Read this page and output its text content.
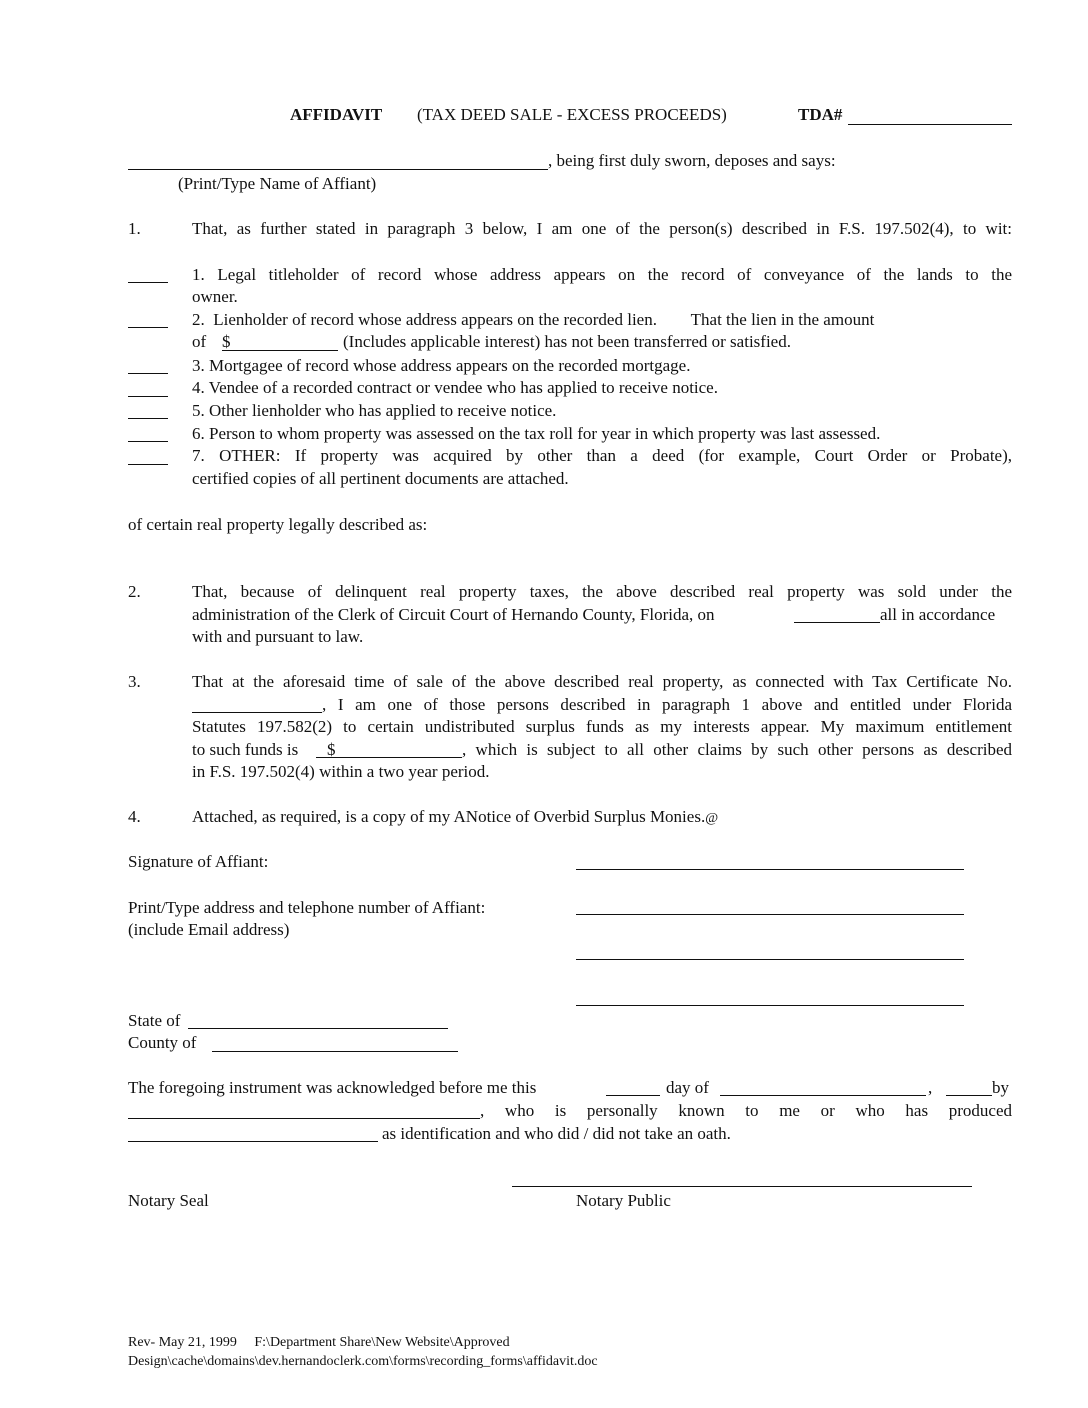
AFFIDAVIT (TAX DEED SALE - EXCESS PROCEEDS)	TDA#
, being first duly sworn, deposes and says:
(Print/Type Name of Affiant)
1.	That, as further stated in paragraph 3 below, I am one of the person(s) described in F.S. 197.502(4), to wit:
1. Legal titleholder of record whose address appears on the record of conveyance of the lands to the
owner.
2.  Lienholder of record whose address appears on the recorded lien.        That the lien in the amount
of $	(Includes applicable interest) has not been transferred or satisfied.
3. Mortgagee of record whose address appears on the recorded mortgage.
4. Vendee of a recorded contract or vendee who has applied to receive notice.
5. Other lienholder who has applied to receive notice.
6. Person to whom property was assessed on the tax roll for year in which property was last assessed.
7. OTHER: If property was acquired by other than a deed (for example, Court Order or Probate),
certified copies of all pertinent documents are attached.
of certain real property legally described as:
2.	That, because of delinquent real property taxes, the above described real property was sold under the
administration of the Clerk of Circuit Court of Hernando County, Florida, on	all in accordance
with and pursuant to law.
3.	That at the aforesaid time of sale of the above described real property, as connected with Tax Certificate No.
, I am one of those persons described in paragraph 1 above and entitled under Florida
Statutes 197.582(2) to certain undistributed surplus funds as my interests appear. My maximum entitlement
to such funds is $	, which is subject to all other claims by such other persons as described
in F.S. 197.502(4) within a two year period.
4.	Attached, as required, is a copy of my ANotice of Overbid Surplus Monies.@
Signature of Affiant:
Print/Type address and telephone number of Affiant:
(include Email address)
State of
County of
The foregoing instrument was acknowledged before me this	day of	,	by
, who is personally known to me or who has produced
as identification and who did / did not take an oath.
Notary Seal	Notary Public
Rev- May 21, 1999     F:\Department Share\New Website\Approved
Design\cache\domains\dev.hernandoclerk.com\forms\recording_forms\affidavit.doc
